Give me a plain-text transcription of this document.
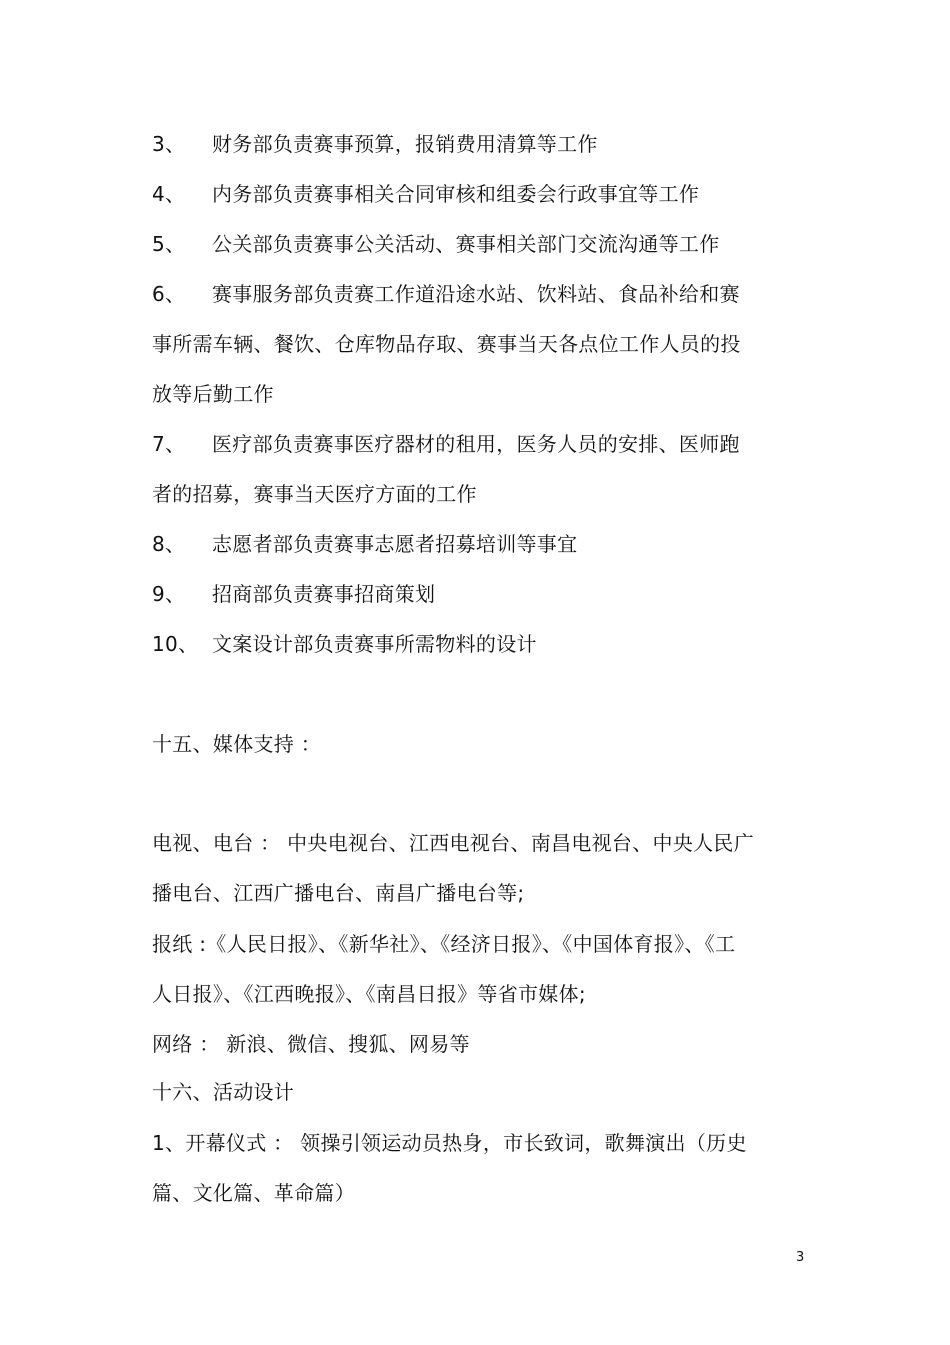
3、 财务部负责赛事预算，报销费用清算等工作
4、 内务部负责赛事相关合同审核和组委会行政事宜等工作
5、 公关部负责赛事公关活动、赛事相关部门交流沟通等工作
6、 赛事服务部负责赛工作道沿途水站、饮料站、食品补给和赛
事所需车辆、餐饮、仓库物品存取、赛事当天各点位工作人员的投
放等后勤工作
7、 医疗部负责赛事医疗器材的租用，医务人员的安排、医师跑
者的招募，赛事当天医疗方面的工作
8、 志愿者部负责赛事志愿者招募培训等事宜
9、 招商部负责赛事招商策划
10、 文案设计部负责赛事所需物料的设计
十五、媒体支持 ：
电视、电台 ： 中央电视台、江西电视台、南昌电视台、中央人民广
播电台、江西广播电台、南昌广播电台等;
报纸 :《人民日报》、《新华社》、《经济日报》、《中国体育报》、《工
人日报》、《江西晚报》、《南昌日报》等省市媒体;
网络 ： 新浪、微信、搜狐、网易等
十六、活动设计
1、开幕仪式 ： 领操引领运动员热身，市长致词，歌舞演出（历史
篇、文化篇、革命篇）
3
